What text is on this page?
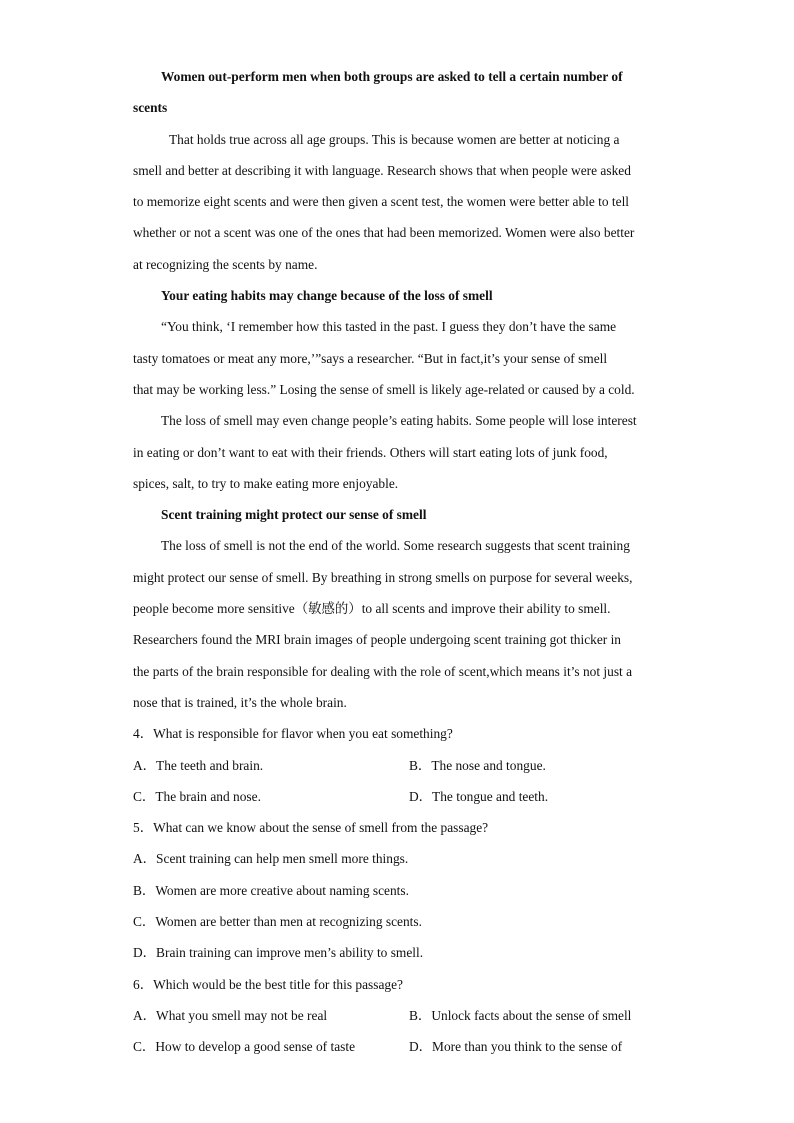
Women out-perform men when both groups are asked to tell a certain number of
scents
That holds true across all age groups. This is because women are better at noticing a
smell and better at describing it with language. Research shows that when people were asked
to memorize eight scents and were then given a scent test, the women were better able to tell
whether or not a scent was one of the ones that had been memorized. Women were also better
at recognizing the scents by name.
Your eating habits may change because of the loss of smell
“You think, ‘I remember how this tasted in the past. I guess they don’t have the same
tasty tomatoes or meat any more,’”says a researcher. “But in fact,it’s your sense of smell
that may be working less.” Losing the sense of smell is likely age-related or caused by a cold.
The loss of smell may even change people’s eating habits. Some people will lose interest
in eating or don’t want to eat with their friends. Others will start eating lots of junk food,
spices, salt, to try to make eating more enjoyable.
Scent training might protect our sense of smell
The loss of smell is not the end of the world. Some research suggests that scent training
might protect our sense of smell. By breathing in strong smells on purpose for several weeks,
people become more sensitive（敏感的）to all scents and improve their ability to smell.
Researchers found the MRI brain images of people undergoing scent training got thicker in
the parts of the brain responsible for dealing with the role of scent,which means it’s not just a
nose that is trained, it’s the whole brain.
4．What is responsible for flavor when you eat something?
A．The teeth and brain.	B．The nose and tongue.
C．The brain and nose.	D．The tongue and teeth.
5．What can we know about the sense of smell from the passage?
A．Scent training can help men smell more things.
B．Women are more creative about naming scents.
C．Women are better than men at recognizing scents.
D．Brain training can improve men’s ability to smell.
6．Which would be the best title for this passage?
A．What you smell may not be real	B．Unlock facts about the sense of smell
C．How to develop a good sense of taste	D．More than you think to the sense of
